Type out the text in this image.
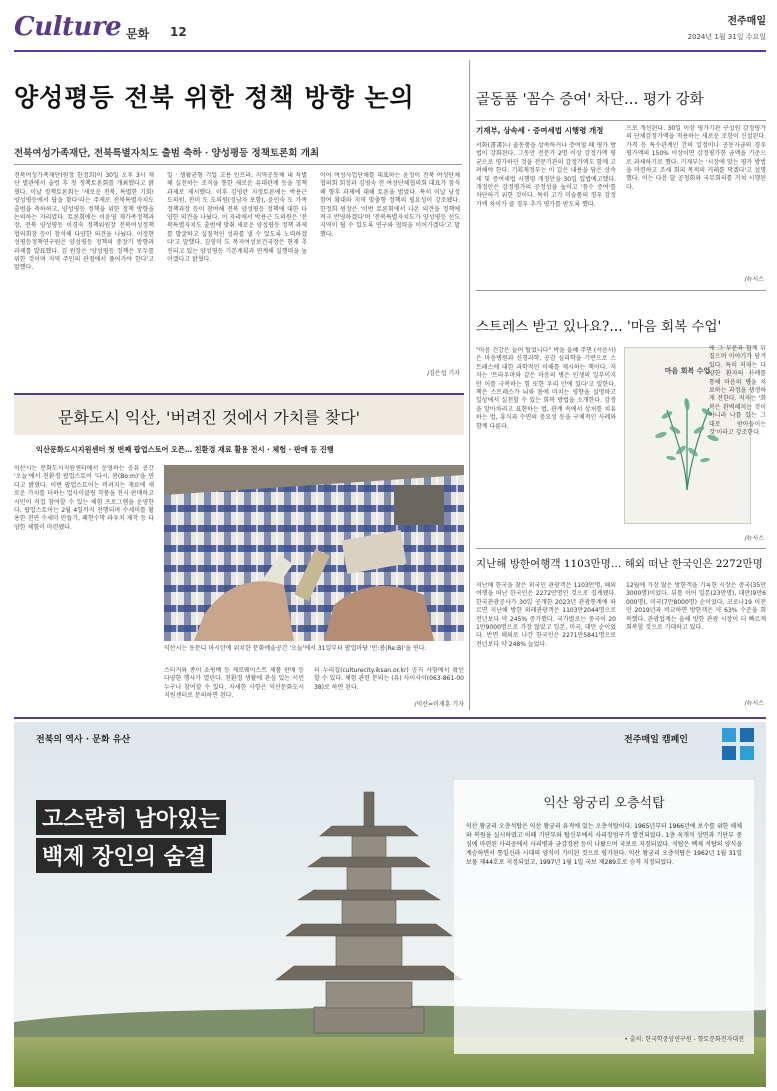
Culture 문화 12
전주매일
2024년 1월 31일 수요일
양성평등 전북 위한 정책 방향 논의
전북여성가족재단, 전북특별자치도 출범 축하 · 양성평등 정책토론회 개최

전북여성가족재단(원장 한정희)이 30일 오후 3시 재단 별관에서 술렁 후 첫 정책토론회를 개최했다고 밝혔다. 이날 정책토론회는 '새로운 전북, 특별한 기회! 양성평등에서 답을 찾다'라는 주제로 전북특별자치도 출범을 축하하고, 양성평등 정책을 위한 정책 방향을 논의하는 자리였다. 토론회에는 이윤영 재가족정책과장, 전북 양성평등 이경숙 정책위원장 전북여성정책 협의회장 등이 참석해 다양한 의견을 나눴다. 이정현 성평등정책연구원은 양성평등 정책의 중장기 방향과 과제를 발표했다. 김 원장은 '양성평등 정책은 모두를 위한 것이며 지역 주민의 관점에서 풀어가야 한다'고 말했다.

일 · 생활균형 기업 고용 인프라, 지역공동체 내 차별해 실천하는 조직을 통한 새로운 유대관계 등을 정책과제로 제시했다. 이후 김영란 지정토론에는 박용근 도의원, 전미 도 도의원(성남자 포함), 윤인숙 도 가족정책과장 등이 참여해 전북 양성평등 정책에 대한 다양한 의견을 나눴다. 이 자리에서 박용근 도의원은 '전북특별자치도 출범에 맞춰 새로운 양성평등 정책 과제를 발굴하고 실질적인 성과를 낼 수 있도록 노력하겠다'고 말했다. 김영미 도 복지여성보건국장은 현재 추진되고 있는 양성평등 기본계획과 연계해 실행력을 높이겠다고 밝혔다.

이어 여성사업단체를 대표하는 윤정이 전북 여성단체협의회 회장과 김영숙 전 여성단체협의회 대표가 참석해 향후 과제에 대해 토론을 벌였다. 특히 이날 남성 참여 확대와 지역 맞춤형 정책의 필요성이 강조됐다. 한정희 원장은 '이번 토론회에서 나온 의견을 정책에 적극 반영하겠다'며 '전북특별자치도가 양성평등 선도 지역이 될 수 있도록 연구와 협력을 이어가겠다'고 말했다.

/김은섭 기자
골동품 '꼼수 증여' 차단… 평가 강화
기재부, 상속세 · 증여세법 시행령 개정

서화(書畫)나 골동품을 상속하거나 증여할 때 평가 방법이 강화된다. 그동안 전문가 2명 이상 감정가액 평균으로 평가하던 것을 전문기관의 감정가액도 함께 고려해야 한다. 기획재정부는 이 같은 내용을 담은 상속세 및 증여세법 시행령 개정안을 30일 입법예고했다. 개정안은 감정평가의 공정성을 높이고 '꼼수 증여'를 차단하기 위한 것이다. 특히 고가 미술품의 경우 감정 가액 차이가 클 경우 추가 평가를 받도록 했다.

으로 개선된다. 30일 이상 평가기관 구성원 감정평가의 단체감정가액을 적용하는 새로운 조항이 신설된다. 가격 등 특수관계인 간의 일정이나 공동자금의 경우 평가액의 150% 이상이면 감정평가한 금액을 기준으로 과세하기로 했다. 기재부는 '시장에 맞는 평가 방법을 마련하고 조세 회피 목적의 거래를 막겠다'고 설명했다. 이는 다음 달 공청회와 국무회의를 거쳐 시행된다.

/뉴시스
스트레스 받고 있나요?… '마음 회복 수업'

"마음 건강은 늘어 털었니다" 박을 울혜 주면 (서음사)은 마음병원과 신경과학, 공감 심리학을 기반으로 스트레스에 대한 과학적인 이해를 제시하는 책이다. 저자는 '트라우마와 같은 마음의 병은 인생의 일부이지만 이를 극복하는 힘 또한 우리 안에 있다'고 말한다. 책은 스트레스가 뇌와 몸에 미치는 영향을 설명하고 일상에서 실천할 수 있는 회복 방법을 소개한다. 감정을 알아차리고 표현하는 법, 관계 속에서 상처를 치유하는 법, 휴식과 수면의 중요성 등을 구체적인 사례와 함께 다룬다.

마음 회복 수업

/뉴시스

에 그 부분과 함께 뒤집으며 이야기가 담겨 있다. 특히 저자는 다양한 환자의 사례를 통해 마음의 병을 치료하는 과정을 생생하게 전한다. 저자는 '회복은 완벽해지는 것이 아니라 나를 있는 그대로 받아들이는 것'이라고 강조한다.

지난해 방한여행객 1103만명… 해외 떠난 한국인은 2272만명

지난해 한국을 찾은 외국인 관광객은 1103만명, 해외여행을 떠난 한국인은 2272만명인 것으로 집계됐다. 한국관광공사가 30일 공개한 2023년 관광통계에 따르면 지난해 방한 외래관광객은 1103만2044명으로 전년보다 약 245% 증가했다. 국가별로는 중국이 201만9000명으로 가장 많았고 일본, 미국, 대만 순이었다. 반면 해외로 나간 한국인은 2271만5841명으로 전년보다 약 248% 늘었다.

12월에 가장 많은 방한객을 기록한 시장은 중국(35만3000명)이었다. 뒤를 이어 일본(23만명), 대만(9만6000명), 미국(7만8000명) 순이었다. 코로나19 이전인 2019년과 비교하면 방한객은 약 63% 수준을 회복했다. 관광업계는 올해 방한 관광 시장이 더 빠르게 회복할 것으로 기대하고 있다.

/뉴시스
문화도시 익산, '버려진 것에서 가치를 찾다'
익산문화도시지원센터 첫 번째 팝업스토어 오픈… 친환경 재료 활용 전시 · 체험 · 판매 등 진행

익산시는 문화도시지원센터에서 운영하는 공유 공간 '오늘'에서 친환경 팝업스토어 '다시, 봄(Bo:m)'을 연다고 밝혔다. 이번 팝업스토어는 버려지는 재료에 새로운 가치를 더하는 업사이클링 작품을 전시·판매하고 시민이 직접 참여할 수 있는 체험 프로그램을 운영한다. 팝업스토어는 2월 4일까지 진행되며 수세미를 활용한 천연 수세미 만들기, 폐현수막 파우치 제작 등 다양한 체험이 마련됐다.

익산시는 동문디 마시탄에 위치한 문화예술공간 '오늘'에서 31일부터 팝업마당 '빈:봄(Re:B)'을 연다.

스티커와 종이 쇼핑백 등 제로웨이스트 제품 판매 등 다양한 행사가 열린다. 친환경 생활에 관심 있는 시민 누구나 참여할 수 있다. 자세한 사항은 익산문화도시지원센터로 문의하면 된다.

터 누리집(culturecity.iksan.or.kr) 공지 사항에서 확인할 수 있다. 체험 관련 문의는 (유) 사이사이(063-861-0038)로 하면 된다.

/익산=이재훈 기자
전북의 역사 · 문화 유산	전주매일 캠페인
고스란히 남아있는
백제 장인의 숨결
익산 왕궁리 오층석탑

익산 왕궁리 오층석탑은 익산 왕궁리 유적에 있는 오층석탑이다. 1965년부터 1966년에 보수를 위한 해체와 복원을 실시하였고 이때 기단부와 탑신부에서 사리장엄구가 발견되었다. 1층 옥개석 상면과 기단부 중심에 마련된 사리공에서 사리병과 금강경판 등이 나왔으며 국보로 지정되었다. 석탑은 백제 석탑의 양식을 계승하면서 통일신라 시대의 양식이 가미된 것으로 평가된다. 익산 왕궁리 오층석탑은 1962년 1월 31일 보물 제44호로 지정되었고, 1997년 1월 1일 국보 제289호로 승격 지정되었다.

• 출처: 한국학중앙연구원 - 향토문화전자대전
